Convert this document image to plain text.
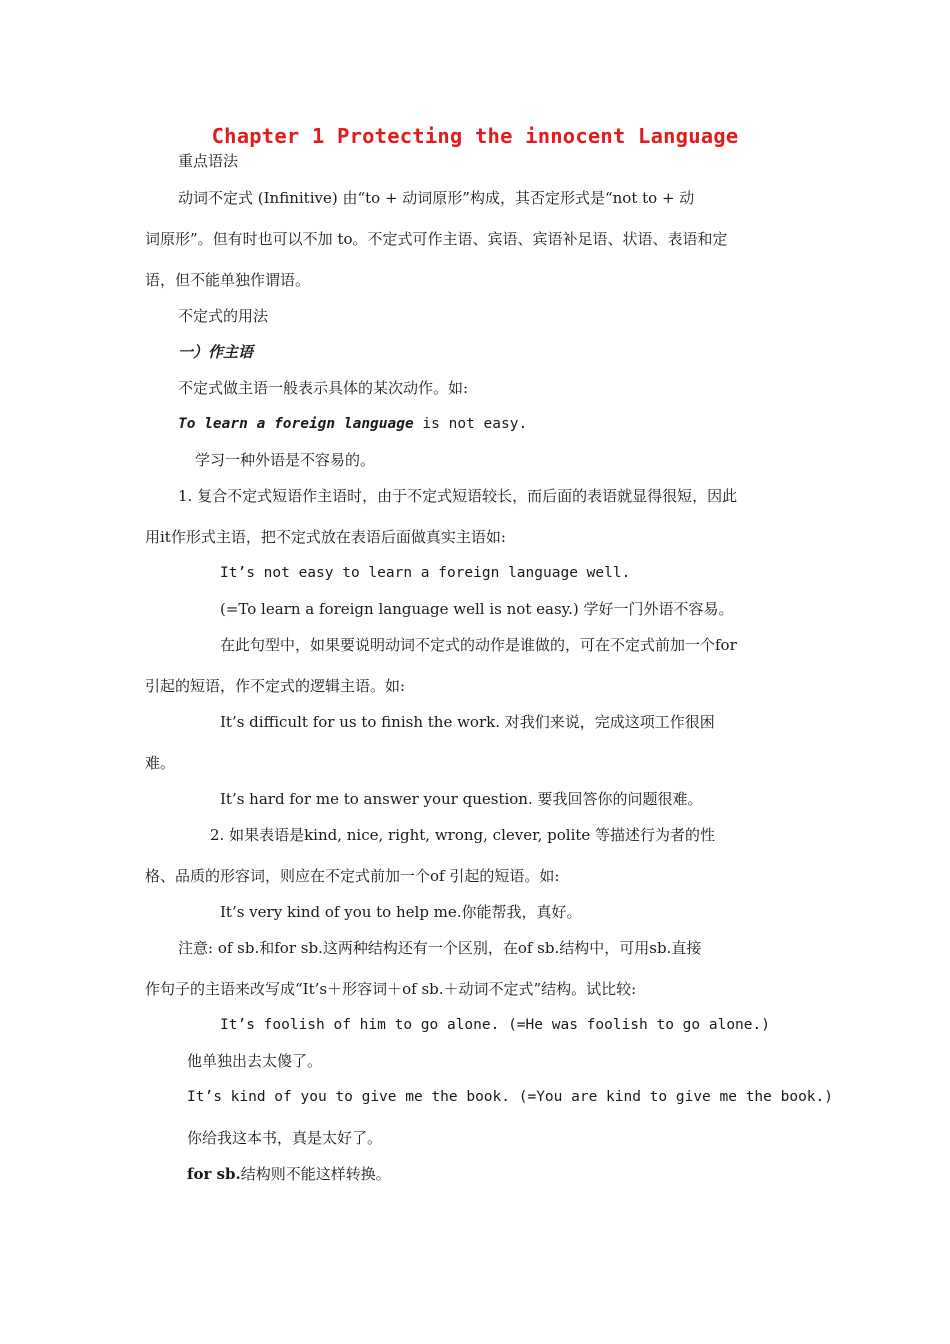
Chapter 1 Protecting the innocent Language
重点语法
动词不定式 (Infinitive) 由“to + 动词原形”构成，其否定形式是“not to + 动
词原形”。但有时也可以不加 to。不定式可作主语、宾语、宾语补足语、状语、表语和定
语，但不能单独作谓语。
不定式的用法
一）作主语
不定式做主语一般表示具体的某次动作。如:
To learn a foreign language is not easy.
学习一种外语是不容易的。
1. 复合不定式短语作主语时，由于不定式短语较长，而后面的表语就显得很短，因此
用it作形式主语，把不定式放在表语后面做真实主语如:
It’s not easy to learn a foreign language well.
(=To learn a foreign language well is not easy.) 学好一门外语不容易。
在此句型中，如果要说明动词不定式的动作是谁做的，可在不定式前加一个for
引起的短语，作不定式的逻辑主语。如:
It’s difficult for us to finish the work. 对我们来说，完成这项工作很困
难。
It’s hard for me to answer your question. 要我回答你的问题很难。
2. 如果表语是kind, nice, right, wrong, clever, polite 等描述行为者的性
格、品质的形容词，则应在不定式前加一个of 引起的短语。如:
It’s very kind of you to help me.你能帮我，真好。
注意: of sb.和for sb.这两种结构还有一个区别，在of sb.结构中，可用sb.直接
作句子的主语来改写成“It’s＋形容词＋of sb.＋动词不定式”结构。试比较:
It’s foolish of him to go alone. (=He was foolish to go alone.)
他单独出去太傻了。
It’s kind of you to give me the book. (=You are kind to give me the book.)
你给我这本书，真是太好了。
for sb.结构则不能这样转换。
